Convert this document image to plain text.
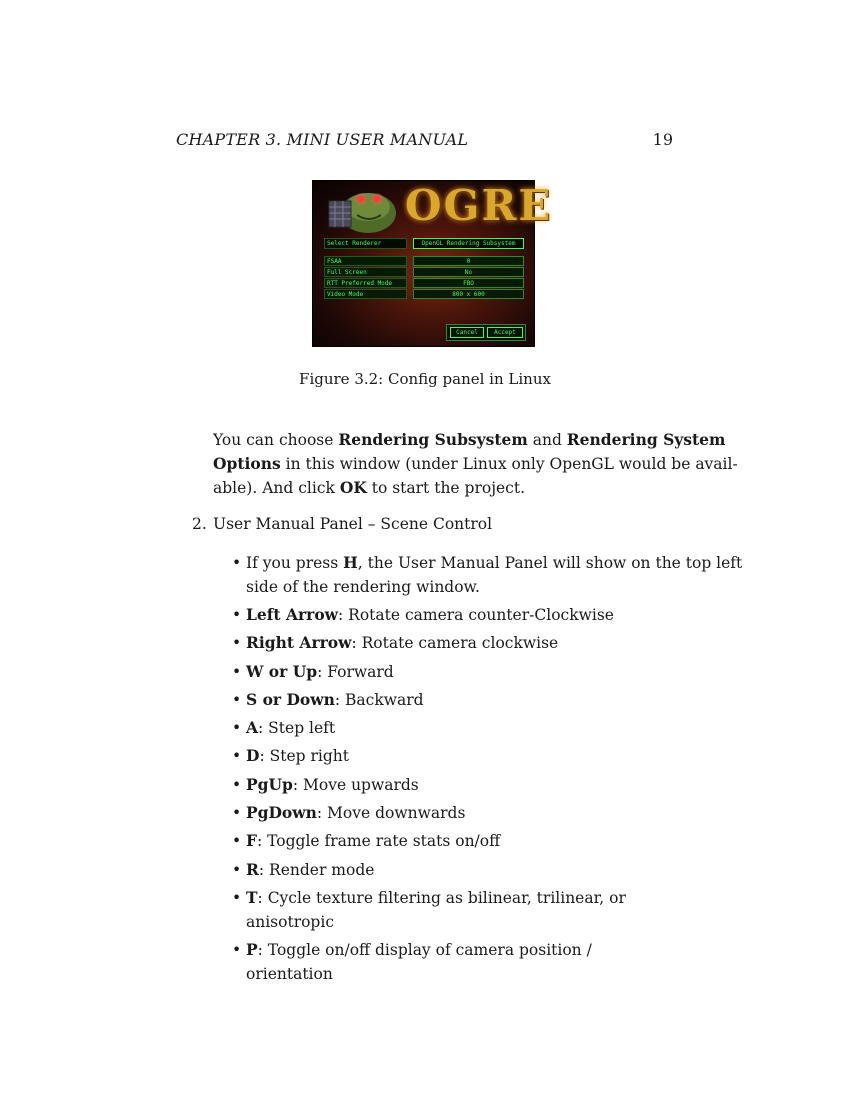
CHAPTER 3. MINI USER MANUAL	19
OGRE
Select Renderer	OpenGL Rendering Subsystem
FSAA	0
Full Screen	No
RTT Preferred Mode	FBO
Video Mode	800 x 600
Cancel	Accept
Figure 3.2: Config panel in Linux
You can choose Rendering Subsystem and Rendering System
Options in this window (under Linux only OpenGL would be avail-
able). And click OK to start the project.
2. User Manual Panel – Scene Control
• If you press H, the User Manual Panel will show on the top left
side of the rendering window.
• Left Arrow: Rotate camera counter-Clockwise
• Right Arrow: Rotate camera clockwise
• W or Up: Forward
• S or Down: Backward
• A: Step left
• D: Step right
• PgUp: Move upwards
• PgDown: Move downwards
• F: Toggle frame rate stats on/off
• R: Render mode
• T: Cycle texture filtering as bilinear, trilinear, or anisotropic
• P: Toggle on/off display of camera position / orientation
